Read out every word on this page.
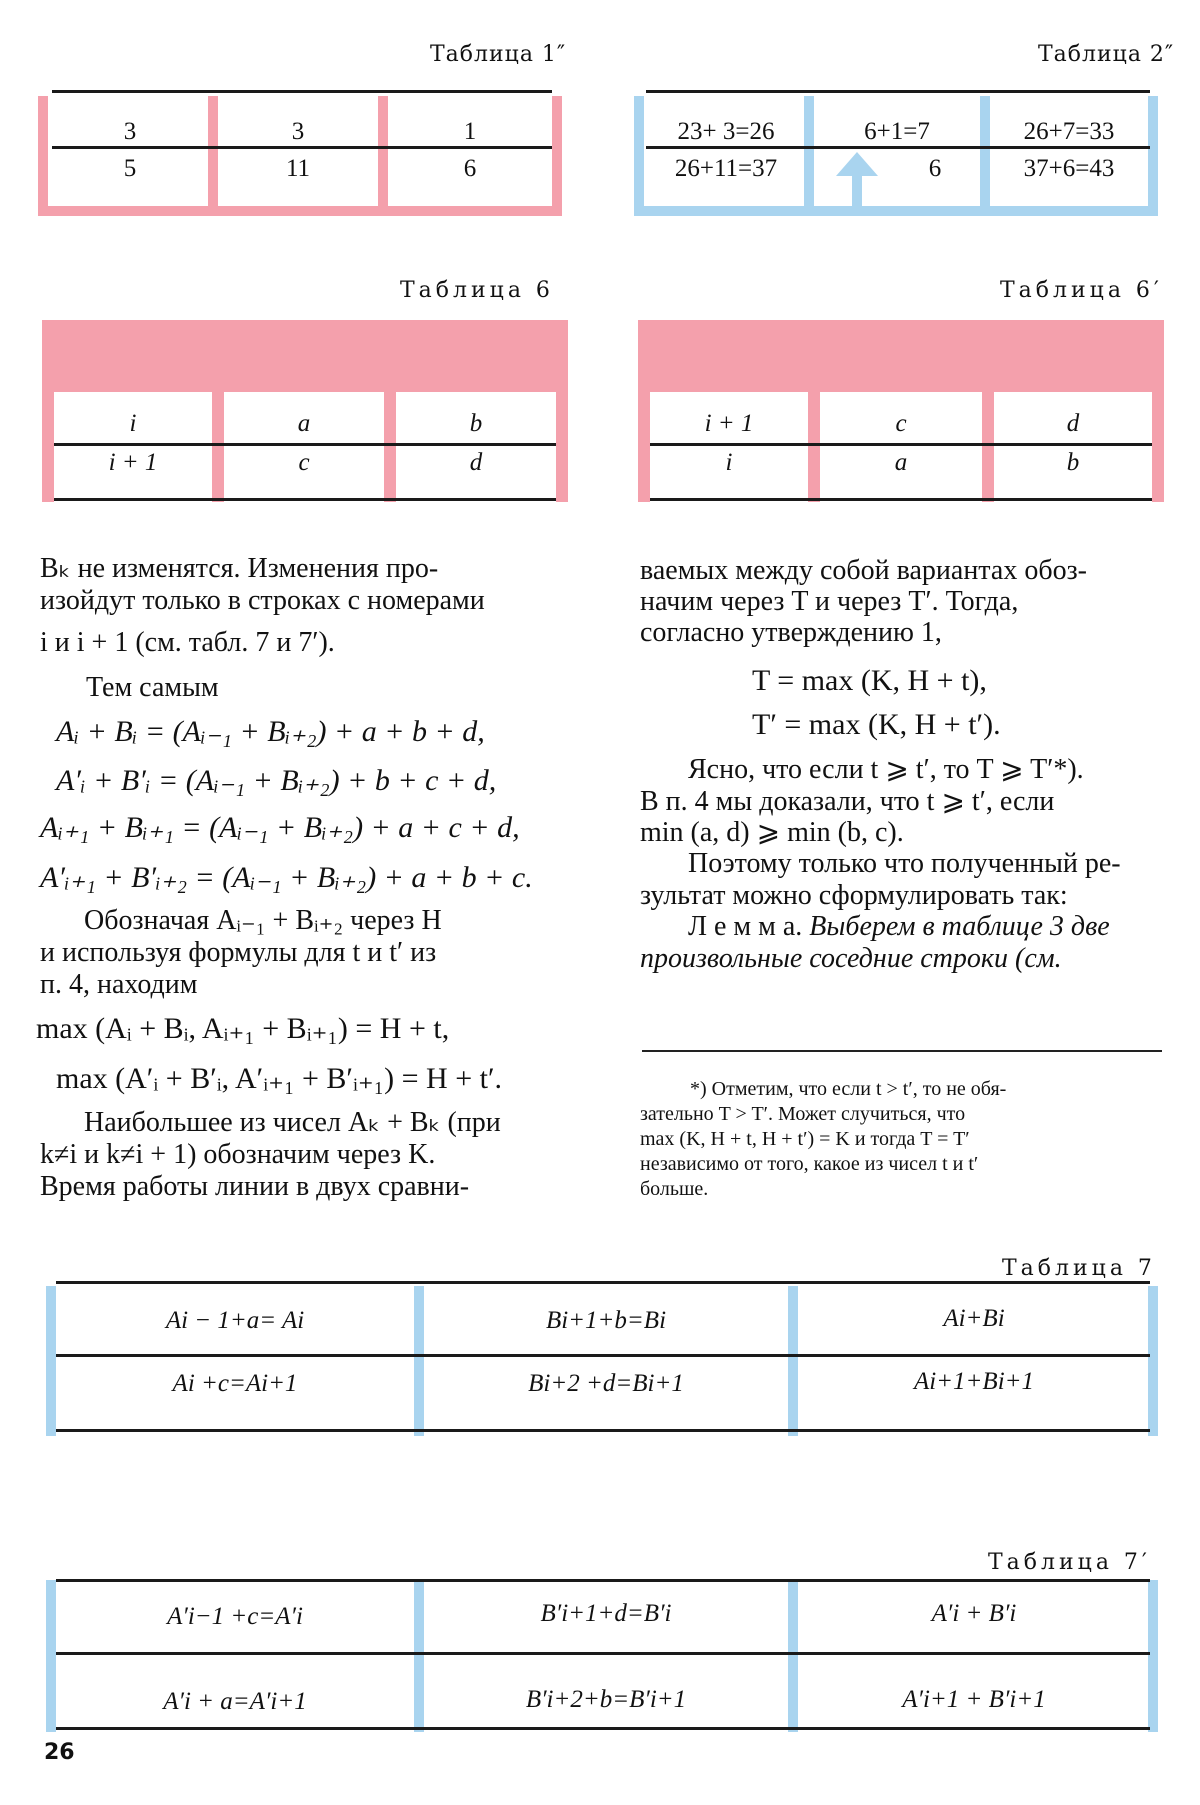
Таблица 1″
3	3	1
5	11	6
Таблица 2″
23+ 3=26	6+1=7	26+7=33
26+11=37	6	37+6=43
Таблица 6
i	a	b
i + 1	c	d
Таблица 6′
i + 1	c	d
i	a	b
Bₖ не изменятся. Изменения про-
изойдут только в строках с номерами
i и i + 1 (см. табл. 7 и 7′).
Тем самым
Aᵢ + Bᵢ = (Aᵢ₋₁ + Bᵢ₊₂) + a + b + d,
A′ᵢ + B′ᵢ = (Aᵢ₋₁ + Bᵢ₊₂) + b + c + d,
Aᵢ₊₁ + Bᵢ₊₁ = (Aᵢ₋₁ + Bᵢ₊₂) + a + c + d,
A′ᵢ₊₁ + B′ᵢ₊₂ = (Aᵢ₋₁ + Bᵢ₊₂) + a + b + c.
Обозначая Aᵢ₋₁ + Bᵢ₊₂ через H
и используя формулы для t и t′ из
п. 4, находим
max (Aᵢ + Bᵢ, Aᵢ₊₁ + Bᵢ₊₁) = H + t,
max (A′ᵢ + B′ᵢ, A′ᵢ₊₁ + B′ᵢ₊₁) = H + t′.
Наибольшее из чисел Aₖ + Bₖ (при
k≠i и k≠i + 1) обозначим через K.
Время работы линии в двух сравни-
ваемых между собой вариантах обоз-
начим через T и через T′. Тогда,
согласно утверждению 1,
T = max (K, H + t),
T′ = max (K, H + t′).
Ясно, что если t ⩾ t′, то T ⩾ T′*).
В п. 4 мы доказали, что t ⩾ t′, если
min (a, d) ⩾ min (b, c).
Поэтому только что полученный ре-
зультат можно сформулировать так:
Л е м м а. Выберем в таблице 3 две
произвольные соседние строки (см.
*) Отметим, что если t > t′, то не обя-
зательно T > T′. Может случиться, что
max (K, H + t, H + t′) = K и тогда T = T′
независимо от того, какое из чисел t и t′
больше.
Таблица 7
Ai − 1+a= Ai	Bi+1+b=Bi	Ai+Bi
Ai +c=Ai+1	Bi+2 +d=Bi+1	Ai+1+Bi+1
Таблица 7′
A′i−1 +c=A′i	B′i+1+d=B′i	A′i + B′i
A′i + a=A′i+1	B′i+2+b=B′i+1	A′i+1 + B′i+1
26
